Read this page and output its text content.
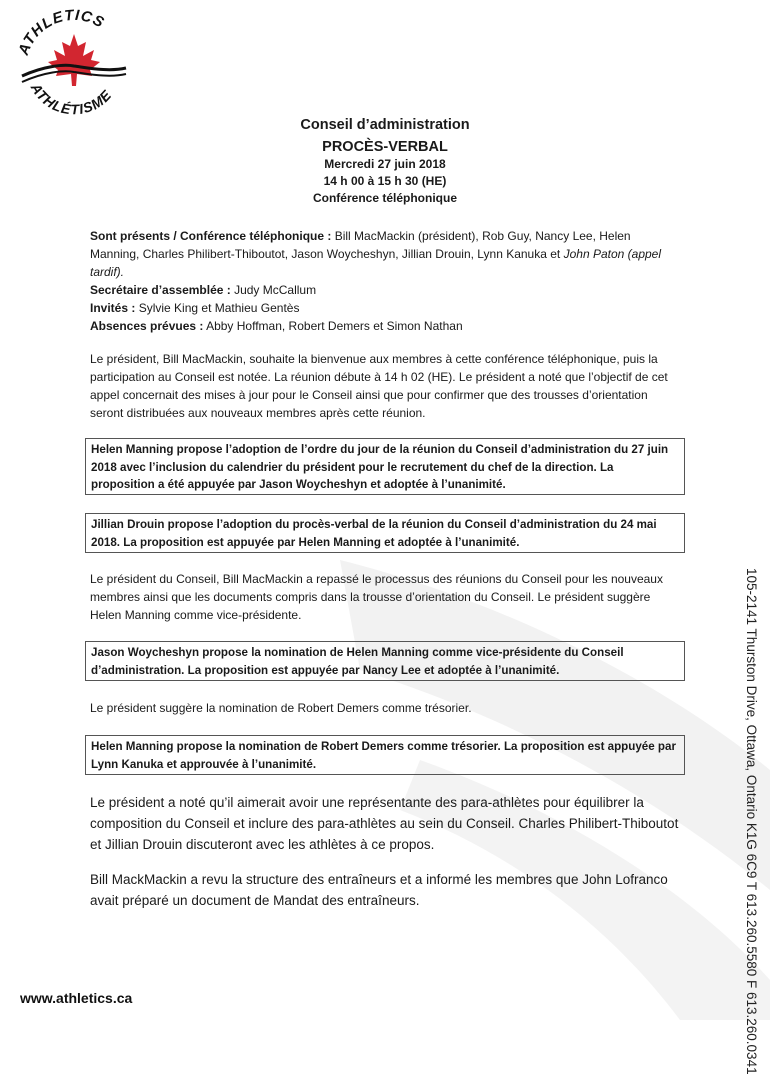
ATHLETICS
ATHLÉTISME
Conseil d’administration
PROCÈS-VERBAL
Mercredi 27 juin 2018
14 h 00 à 15 h 30 (HE)
Conférence téléphonique
Sont présents / Conférence téléphonique : Bill MacMackin (président), Rob Guy, Nancy Lee, Helen Manning, Charles Philibert-Thiboutot, Jason Woycheshyn, Jillian Drouin, Lynn Kanuka et John Paton (appel tardif).
Secrétaire d’assemblée : Judy McCallum
Invités : Sylvie King et Mathieu Gentès
Absences prévues : Abby Hoffman, Robert Demers et Simon Nathan
Le président, Bill MacMackin, souhaite la bienvenue aux membres à cette conférence téléphonique, puis la participation au Conseil est notée. La réunion débute à 14 h 02 (HE). Le président a noté que l’objectif de cet appel concernait des mises à jour pour le Conseil ainsi que pour confirmer que des trousses d’orientation seront distribuées aux nouveaux membres après cette réunion.
Helen Manning propose l’adoption de l’ordre du jour de la réunion du Conseil d’administration du 27 juin 2018 avec l’inclusion du calendrier du président pour le recrutement du chef de la direction. La proposition a été appuyée par Jason Woycheshyn et adoptée à l’unanimité.
Jillian Drouin propose l’adoption du procès-verbal de la réunion du Conseil d’administration du 24 mai 2018. La proposition est appuyée par Helen Manning et adoptée à l’unanimité.
Le président du Conseil, Bill MacMackin a repassé le processus des réunions du Conseil pour les nouveaux membres ainsi que les documents compris dans la trousse d’orientation du Conseil. Le président suggère Helen Manning comme vice-présidente.
Jason Woycheshyn propose la nomination de Helen Manning comme vice-présidente du Conseil d’administration. La proposition est appuyée par Nancy Lee et adoptée à l’unanimité.
Le président suggère la nomination de Robert Demers comme trésorier.
Helen Manning propose la nomination de Robert Demers comme trésorier. La proposition est appuyée par Lynn Kanuka et approuvée à l’unanimité.
Le président a noté qu’il aimerait avoir une représentante des para-athlètes pour équilibrer la composition du Conseil et inclure des para-athlètes au sein du Conseil. Charles Philibert-Thiboutot et Jillian Drouin discuteront avec les athlètes à ce propos.
Bill MackMackin a revu la structure des entraîneurs et a informé les membres que John Lofranco avait préparé un document de Mandat des entraîneurs.
www.athletics.ca	105-2141 Thurston Drive, Ottawa, Ontario K1G 6C9 T 613.260.5580 F 613.260.0341
